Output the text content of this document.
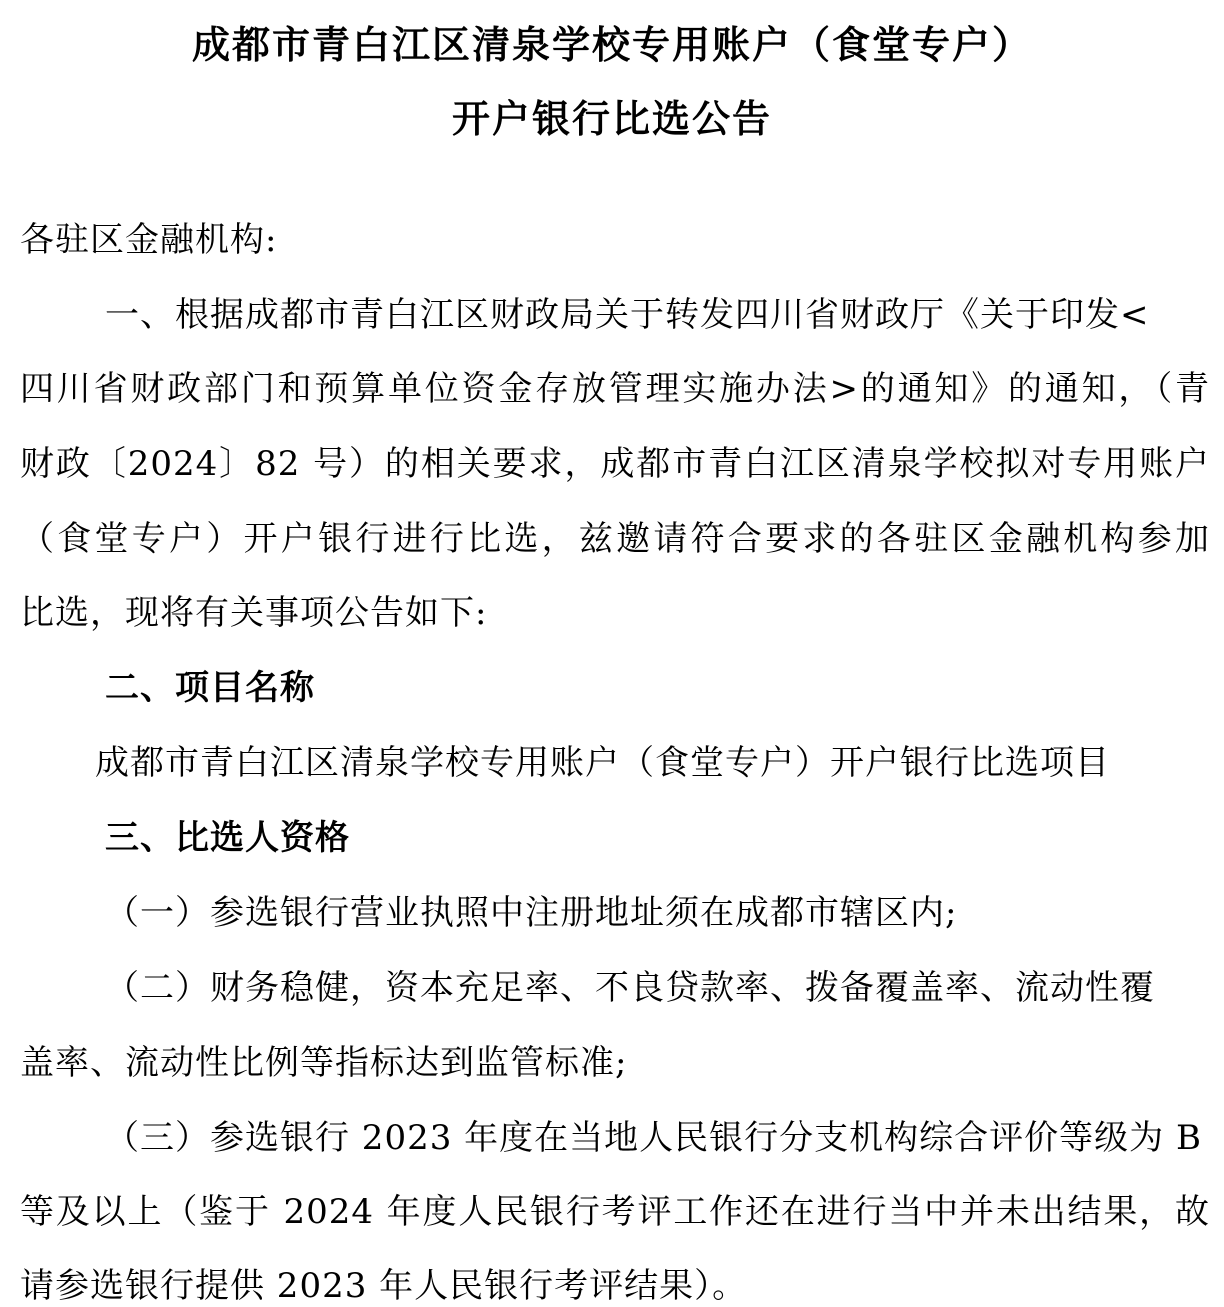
成都市青白江区清泉学校专用账户（食堂专户）
开户银行比选公告
各驻区金融机构:
一、根据成都市青白江区财政局关于转发四川省财政厅《关于印发<
四川省财政部门和预算单位资金存放管理实施办法>的通知》的通知，（青
财政〔2024〕82 号）的相关要求，成都市青白江区清泉学校拟对专用账户
（食堂专户）开户银行进行比选，兹邀请符合要求的各驻区金融机构参加
比选，现将有关事项公告如下:
二、项目名称
成都市青白江区清泉学校专用账户（食堂专户）开户银行比选项目
三、比选人资格
（一）参选银行营业执照中注册地址须在成都市辖区内;
（二）财务稳健，资本充足率、不良贷款率、拨备覆盖率、流动性覆
盖率、流动性比例等指标达到监管标准;
（三）参选银行 2023 年度在当地人民银行分支机构综合评价等级为 B
等及以上（鉴于 2024 年度人民银行考评工作还在进行当中并未出结果，故
请参选银行提供 2023 年人民银行考评结果）。
